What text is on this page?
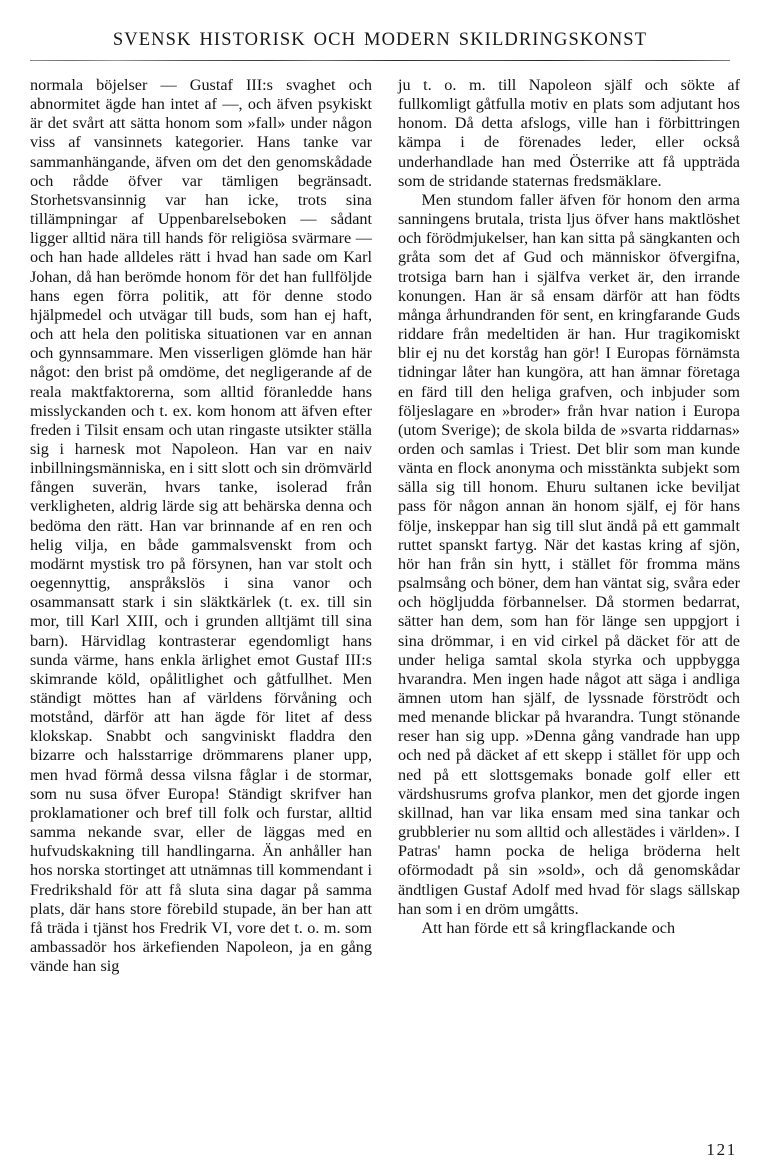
SVENSK HISTORISK OCH MODERN SKILDRINGSKONST
121

normala böjelser — Gustaf III:s svaghet och abnormitet ägde han intet af —, och äfven psykiskt är det svårt att sätta honom som »fall» under någon viss af vansinnets kategorier. Hans tanke var sammanhängande, äfven om det den genomskådade och rådde öfver var tämligen begränsadt. Storhetsvansinnig var han icke, trots sina tillämpningar af Uppenbarelseboken — sådant ligger alltid nära till hands för religiösa svärmare — och han hade alldeles rätt i hvad han sade om Karl Johan, då han berömde honom för det han fullföljde hans egen förra politik, att för denne stodo hjälpmedel och utvägar till buds, som han ej haft, och att hela den politiska situationen var en annan och gynnsammare. Men visserligen glömde han här något: den brist på omdöme, det negligerande af de reala maktfaktorerna, som alltid föranledde hans misslyckanden och t. ex. kom honom att äfven efter freden i Tilsit ensam och utan ringaste utsikter ställa sig i harnesk mot Napoleon. Han var en naiv inbillningsmänniska, en i sitt slott och sin drömvärld fången suverän, hvars tanke, isolerad från verkligheten, aldrig lärde sig att behärska denna och bedöma den rätt. Han var brinnande af en ren och helig vilja, en både gammalsvenskt from och modärnt mystisk tro på försynen, han var stolt och oegennyttig, anspråkslös i sina vanor och osammansatt stark i sin släktkärlek (t. ex. till sin mor, till Karl XIII, och i grunden alltjämt till sina barn). Härvidlag kontrasterar egendomligt hans sunda värme, hans enkla ärlighet emot Gustaf III:s skimrande köld, opålitlighet och gåtfullhet. Men ständigt möttes han af världens förvåning och motstånd, därför att han ägde för litet af dess klokskap. Snabbt och sangviniskt fladdra den bizarre och halsstarrige drömmarens planer upp, men hvad förmå dessa vilsna fåglar i de stormar, som nu susa öfver Europa! Ständigt skrifver han proklamationer och bref till folk och furstar, alltid samma nekande svar, eller de läggas med en hufvudskakning till handlingarna. Än anhåller han hos norska stortinget att utnämnas till kommendant i Fredrikshald för att få sluta sina dagar på samma plats, där hans store förebild stupade, än ber han att få träda i tjänst hos Fredrik VI, vore det t. o. m. som ambassadör hos ärkefienden Napoleon, ja en gång vände han sig

ju t. o. m. till Napoleon själf och sökte af fullkomligt gåtfulla motiv en plats som adjutant hos honom. Då detta afslogs, ville han i förbittringen kämpa i de förenades leder, eller också underhandlade han med Österrike att få uppträda som de stridande staternas fredsmäklare.

Men stundom faller äfven för honom den arma sanningens brutala, trista ljus öfver hans maktlöshet och förödmjukelser, han kan sitta på sängkanten och gråta som det af Gud och människor öfvergifna, trotsiga barn han i själfva verket är, den irrande konungen. Han är så ensam därför att han födts många århundranden för sent, en kringfarande Guds riddare från medeltiden är han. Hur tragikomiskt blir ej nu det korståg han gör! I Europas förnämsta tidningar låter han kungöra, att han ämnar företaga en färd till den heliga grafven, och inbjuder som följeslagare en »broder» från hvar nation i Europa (utom Sverige); de skola bilda de »svarta riddarnas» orden och samlas i Triest. Det blir som man kunde vänta en flock anonyma och misstänkta subjekt som sälla sig till honom. Ehuru sultanen icke beviljat pass för någon annan än honom själf, ej för hans följe, inskeppar han sig till slut ändå på ett gammalt ruttet spanskt fartyg. När det kastas kring af sjön, hör han från sin hytt, i stället för fromma mäns psalmsång och böner, dem han väntat sig, svåra eder och högljudda förbannelser. Då stormen bedarrat, sätter han dem, som han för länge sen uppgjort i sina drömmar, i en vid cirkel på däcket för att de under heliga samtal skola styrka och uppbygga hvarandra. Men ingen hade något att säga i andliga ämnen utom han själf, de lyssnade förströdt och med menande blickar på hvarandra. Tungt stönande reser han sig upp. »Denna gång vandrade han upp och ned på däcket af ett skepp i stället för upp och ned på ett slottsgemaks bonade golf eller ett värdshusrums grofva plankor, men det gjorde ingen skillnad, han var lika ensam med sina tankar och grubblerier nu som alltid och allestädes i världen». I Patras' hamn pocka de heliga bröderna helt oförmodadt på sin »sold», och då genomskådar ändtligen Gustaf Adolf med hvad för slags sällskap han som i en dröm umgåtts.

Att han förde ett så kringflackande och
